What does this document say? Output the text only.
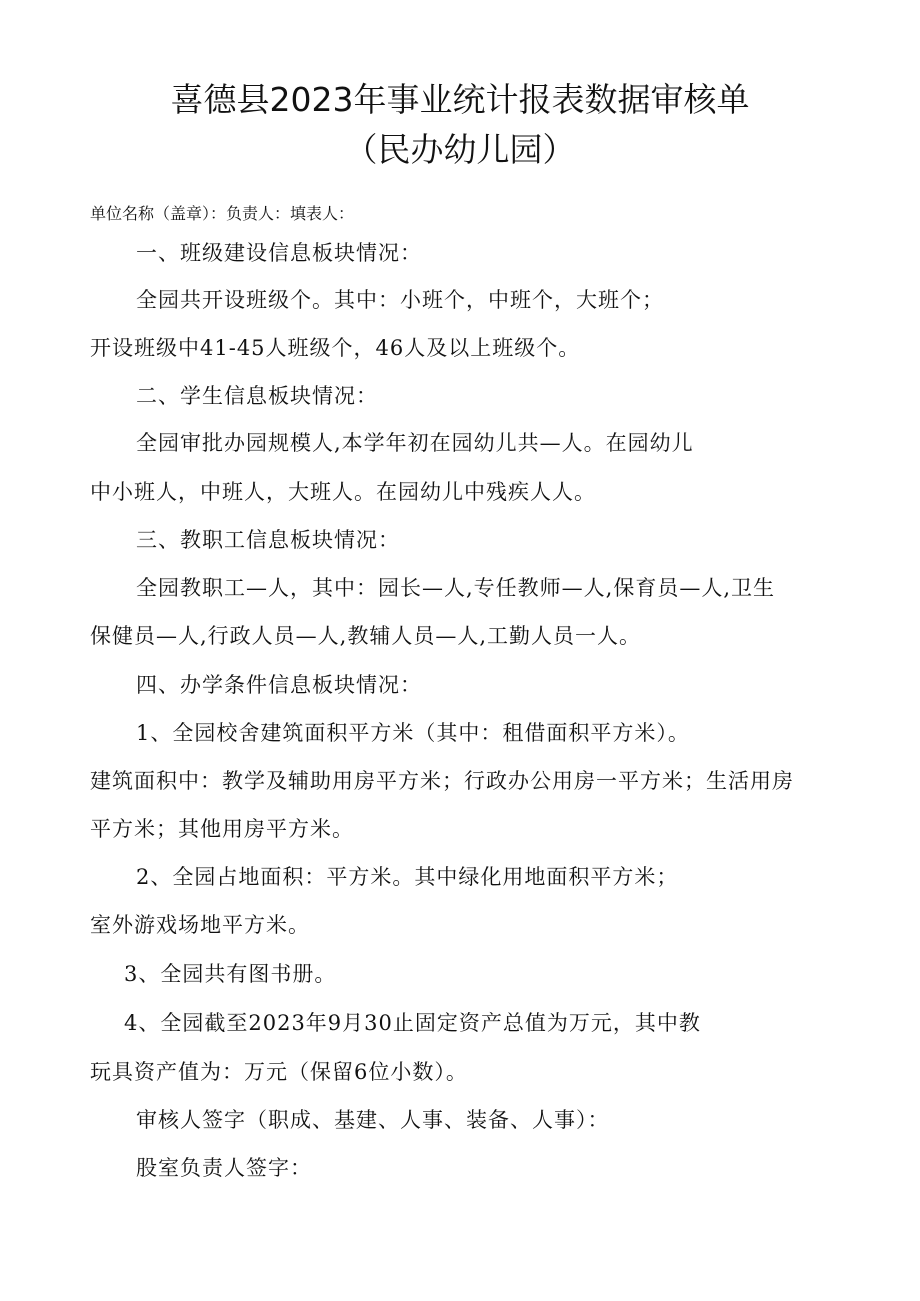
喜德县2023年事业统计报表数据审核单
（民办幼儿园）
单位名称（盖章）：负责人：填表人：
一、班级建设信息板块情况：
全园共开设班级个。其中：小班个，中班个，大班个；
开设班级中41-45人班级个，46人及以上班级个。
二、学生信息板块情况：
全园审批办园规模人,本学年初在园幼儿共—人。在园幼儿
中小班人，中班人，大班人。在园幼儿中残疾人人。
三、教职工信息板块情况：
全园教职工—人，其中：园长—人,专任教师—人,保育员—人,卫生
保健员—人,行政人员—人,教辅人员—人,工勤人员一人。
四、办学条件信息板块情况：
1、全园校舍建筑面积平方米（其中：租借面积平方米）。
建筑面积中：教学及辅助用房平方米；行政办公用房一平方米；生活用房
平方米；其他用房平方米。
2、全园占地面积：平方米。其中绿化用地面积平方米；
室外游戏场地平方米。
3、全园共有图书册。
4、全园截至2023年9月30止固定资产总值为万元，其中教
玩具资产值为：万元（保留6位小数）。
审核人签字（职成、基建、人事、装备、人事）：
股室负责人签字：
